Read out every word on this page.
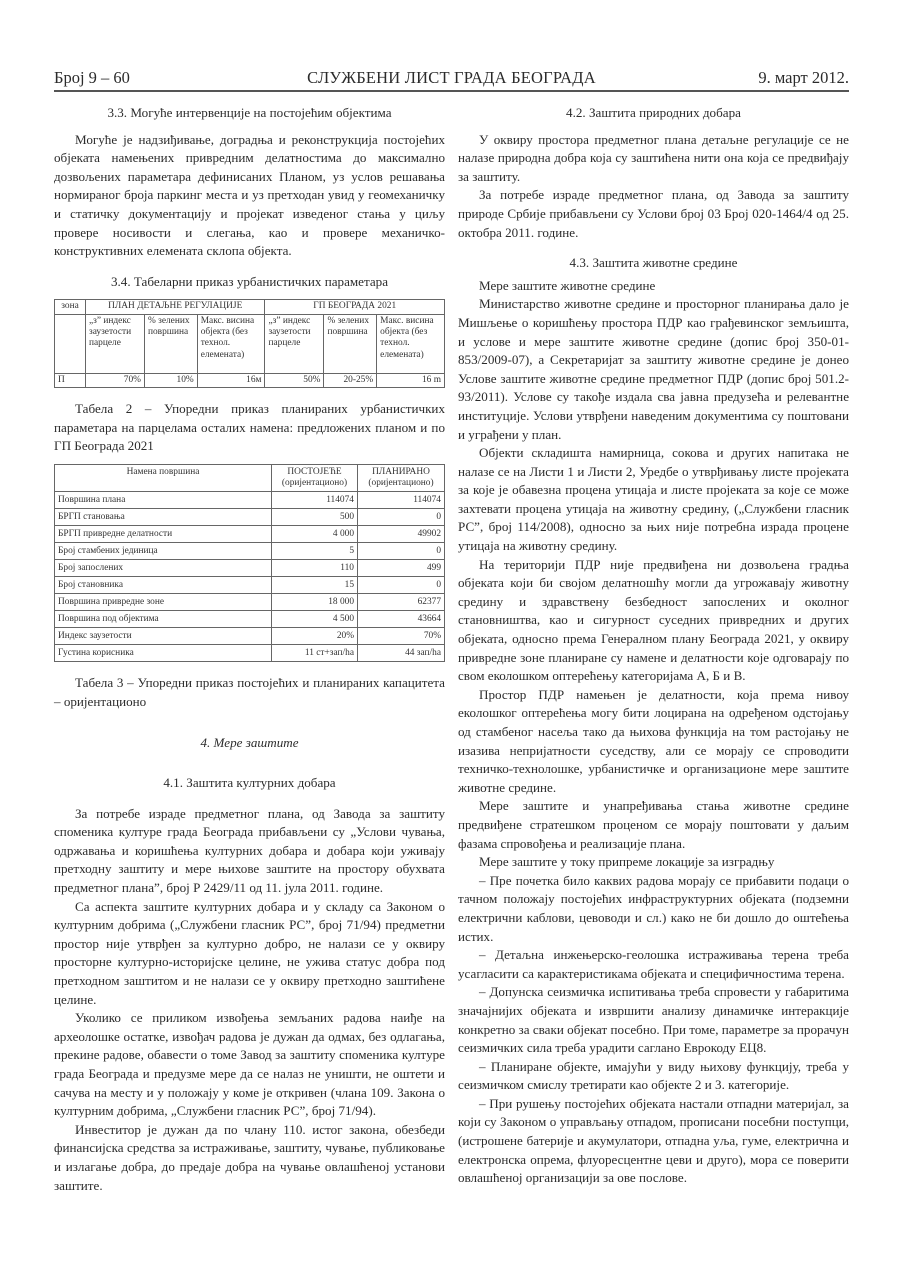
Број 9 – 60	СЛУЖБЕНИ ЛИСТ ГРАДА БЕОГРАДА	9. март 2012.
3.3. Могуће интервенције на постојећим објектима

Могуће је надзиђивање, доградња и реконструкција постојећих објеката намењених привредним делатностима до максимално дозвољених параметара дефинисаних Планом, уз услов решавања нормираног броја паркинг места и уз претходан увид у геомеханичку и статичку документацију и пројекат изведеног стања у циљу провере носивости и слегања, као и провере механичко-конструктивних елемената склопа објекта.

3.4. Табеларни приказ урбанистичких параметара
зона	ПЛАН ДЕТАЉНЕ РЕГУЛАЦИЈЕ			ГП БЕОГРАДА 2021		
	„з” индекс заузетости парцеле	% зелених површина	Макс. висина објекта (без технол. елемената)	„з” индекс заузетости парцеле	% зелених површина	Макс. висина објекта (без технол. елемената)
П	70%	10%	16м	50%	20-25%	16 m

Табела 2 – Упоредни приказ планираних урбанистичких параметара на парцелама осталих намена: предложених планом и по ГП Београда 2021

Намена површина	ПОСТОЈЕЋЕ (оријентационо)	ПЛАНИРАНО (оријентационо)
Површина плана	114074	114074
БРГП становања	500	0
БРГП привредне делатности	4 000	49902
Број стамбених јединица	5	0
Број запослених	110	499
Број становника	15	0
Површина привредне зоне	18 000	62377
Површина под објектима	4 500	43664
Индекс заузетости	20%	70%
Густина корисника	11 ст+зап/ha	44 зап/ha

Табела 3 – Упоредни приказ постојећих и планираних капацитета – оријентационо

4. Мере заштите
4.1. Заштита културних добара

За потребе израде предметног плана, од Завода за заштиту споменика културе града Београда прибављени су „Услови чувања, одржавања и коришћења културних добара и добара који уживају претходну заштиту и мере њихове заштите на простору обухвата предметног плана”, број Р 2429/11 од 11. јула 2011. године.

Са аспекта заштите културних добара и у складу са Законом о културним добрима („Службени гласник РС”, број 71/94) предметни простор није утврђен за културно добро, не налази се у оквиру просторне културно-историјске целине, не ужива статус добра под претходном заштитом и не налази се у оквиру претходно заштићене целине.

Уколико се приликом извођења земљаних радова наиђе на археолошке остатке, извођач радова је дужан да одмах, без одлагања, прекине радове, обавести о томе Завод за заштиту споменика културе града Београда и предузме мере да се налаз не уништи, не оштети и сачува на месту и у положају у коме је откривен (члана 109. Закона о културним добрима, „Службени гласник РС”, број 71/94).

Инвеститор је дужан да по члану 110. истог закона, обезбеди финансијска средства за истраживање, заштиту, чување, публиковање и излагање добра, до предаје добра на чување овлашћеној установи заштите.

4.2. Заштита природних добара

У оквиру простора предметног плана детаљне регулације се не налазе природна добра која су заштићена нити она која се предвиђају за заштиту.

За потребе израде предметног плана, од Завода за заштиту природе Србије прибављени су Услови број 03 Број 020-1464/4 од 25. октобра 2011. године.

4.3. Заштита животне средине

Мере заштите животне средине

Министарство животне средине и просторног планирања дало је Мишљење о коришћењу простора ПДР као грађевинског земљишта, и услове и мере заштите животне средине (допис број 350-01-853/2009-07), а Секретаријат за заштиту животне средине је донео Услове заштите животне средине предметног ПДР (допис број 501.2-93/2011). Услове су такође издала сва јавна предузећа и релевантне институције. Услови утврђени наведеним документима су поштовани и уграђени у план.

Објекти складишта намирница, сокова и других напитака не налазе се на Листи 1 и Листи 2, Уредбе о утврђивању листе пројеката за које је обавезна процена утицаја и листе пројеката за које се може захтевати процена утицаја на животну средину, („Службени гласник РС”, број 114/2008), односно за њих није потребна израда процене утицаја на животну средину.

На територији ПДР није предвиђена ни дозвољена градња објеката који би својом делатношћу могли да угрожавају животну средину и здравствену безбедност запослених и околног становништва, као и сигурност суседних привредних и других објеката, односно према Генералном плану Београда 2021, у оквиру привредне зоне планиране су намене и делатности које одговарају по свом еколошком оптерећењу категоријама А, Б и В.

Простор ПДР намењен је делатности, која према нивоу еколошког оптерећења могу бити лоцирана на одређеном одстојању од стамбеног насеља тако да њихова функција на том растојању не изазива непријатности суседству, али се морају се спроводити техничко-технолошке, урбанистичке и организационе мере заштите животне средине.

Мере заштите и унапређивања стања животне средине предвиђене стратешком проценом се морају поштовати у даљим фазама спровођења и реализације плана.

Мере заштите у току припреме локације за изградњу

– Пре почетка било каквих радова морају се прибавити подаци о тачном положају постојећих инфраструктурних објеката (подземни електрични каблови, цевоводи и сл.) како не би дошло до оштећења истих.

– Детаљна инжењерско-геолошка истраживања терена треба усагласити са карактеристикама објеката и специфичностима терена.

– Допунска сеизмичка испитивања треба спровести у габаритима значајнијих објеката и извршити анализу динамичке интеракције конкретно за сваки објекат посебно. При томе, параметре за прорачун сеизмичких сила треба урадити саглано Еврокоду ЕЦ8.

– Планиране објекте, имајући у виду њихову функцију, треба у сеизмичком смислу третирати као објекте 2 и 3. категорије.

– При рушењу постојећих објеката настали отпадни материјал, за који су Законом о управљању отпадом, прописани посебни поступци, (истрошене батерије и акумулатори, отпадна уља, гуме, електрична и електронска опрема, флуоресцентне цеви и друго), мора се поверити овлашћеној организацији за ове послове.
